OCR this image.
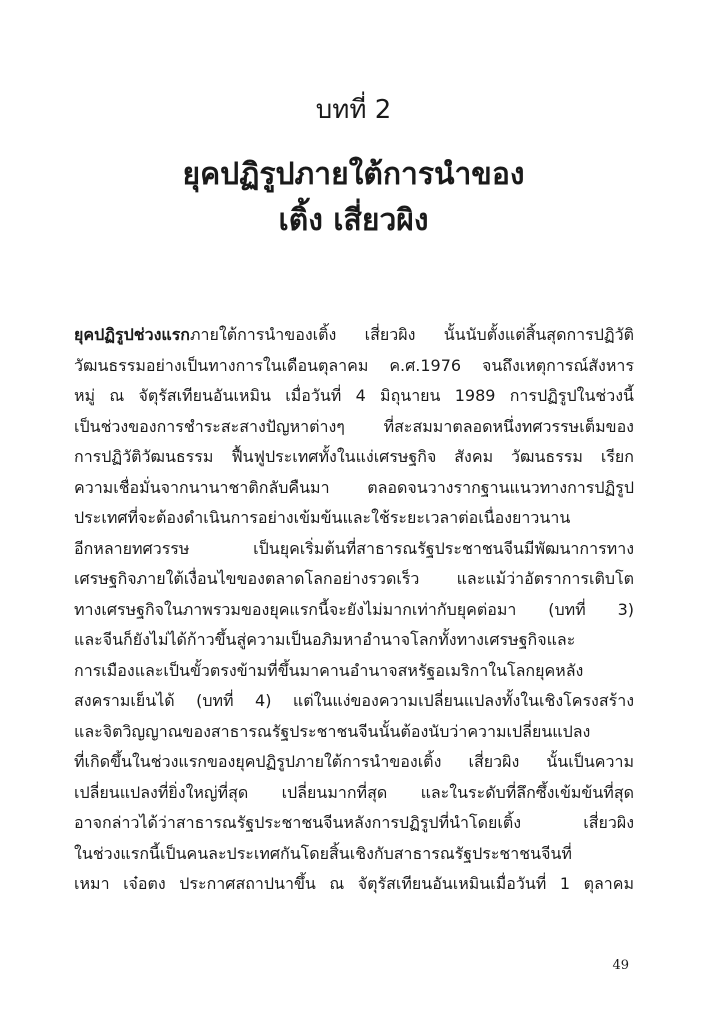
บทที่ 2
ยุคปฏิรูปภายใต้การนำของ
เติ้ง เสี่ยวผิง
ยุคปฏิรูปช่วงแรกภายใต้การนำของเติ้ง เสี่ยวผิง นั้นนับตั้งแต่สิ้นสุดการปฏิวัติ
วัฒนธรรมอย่างเป็นทางการในเดือนตุลาคม ค.ศ.1976 จนถึงเหตุการณ์สังหาร
หมู่ ณ จัตุรัสเทียนอันเหมิน เมื่อวันที่ 4 มิถุนายน 1989 การปฏิรูปในช่วงนี้
เป็นช่วงของการชำระสะสางปัญหาต่างๆ ที่สะสมมาตลอดหนึ่งทศวรรษเต็มของ
การปฏิวัติวัฒนธรรม ฟื้นฟูประเทศทั้งในแง่เศรษฐกิจ สังคม วัฒนธรรม เรียก
ความเชื่อมั่นจากนานาชาติกลับคืนมา ตลอดจนวางรากฐานแนวทางการปฏิรูป
ประเทศที่จะต้องดำเนินการอย่างเข้มข้นและใช้ระยะเวลาต่อเนื่องยาวนาน
อีกหลายทศวรรษ เป็นยุคเริ่มต้นที่สาธารณรัฐประชาชนจีนมีพัฒนาการทาง
เศรษฐกิจภายใต้เงื่อนไขของตลาดโลกอย่างรวดเร็ว และแม้ว่าอัตราการเติบโต
ทางเศรษฐกิจในภาพรวมของยุคแรกนี้จะยังไม่มากเท่ากับยุคต่อมา (บทที่ 3)
และจีนก็ยังไม่ได้ก้าวขึ้นสู่ความเป็นอภิมหาอำนาจโลกทั้งทางเศรษฐกิจและ
การเมืองและเป็นขั้วตรงข้ามที่ขึ้นมาคานอำนาจสหรัฐอเมริกาในโลกยุคหลัง
สงครามเย็นได้ (บทที่ 4) แต่ในแง่ของความเปลี่ยนแปลงทั้งในเชิงโครงสร้าง
และจิตวิญญาณของสาธารณรัฐประชาชนจีนนั้นต้องนับว่าความเปลี่ยนแปลง
ที่เกิดขึ้นในช่วงแรกของยุคปฏิรูปภายใต้การนำของเติ้ง เสี่ยวผิง นั้นเป็นความ
เปลี่ยนแปลงที่ยิ่งใหญ่ที่สุด เปลี่ยนมากที่สุด และในระดับที่ลึกซึ้งเข้มข้นที่สุด
อาจกล่าวได้ว่าสาธารณรัฐประชาชนจีนหลังการปฏิรูปที่นำโดยเติ้ง เสี่ยวผิง
ในช่วงแรกนี้เป็นคนละประเทศกันโดยสิ้นเชิงกับสาธารณรัฐประชาชนจีนที่
เหมา เจ๋อตง ประกาศสถาปนาขึ้น ณ จัตุรัสเทียนอันเหมินเมื่อวันที่ 1 ตุลาคม
49
